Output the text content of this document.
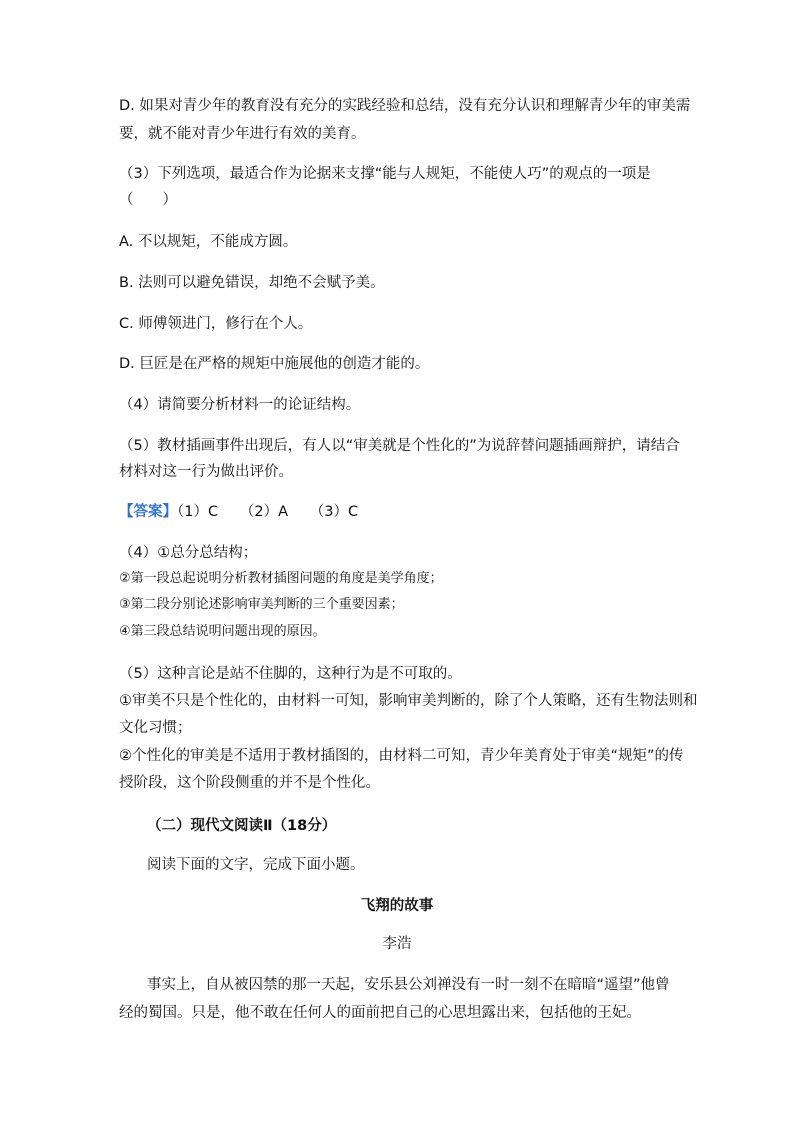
D. 如果对青少年的教育没有充分的实践经验和总结，没有充分认识和理解青少年的审美需
要，就不能对青少年进行有效的美育。
（3）下列选项，最适合作为论据来支撑“能与人规矩，不能使人巧”的观点的一项是
（　　）
A. 不以规矩，不能成方圆。
B. 法则可以避免错误，却绝不会赋予美。
C. 师傅领进门，修行在个人。
D. 巨匠是在严格的规矩中施展他的创造才能的。
（4）请简要分析材料一的论证结构。
（5）教材插画事件出现后，有人以“审美就是个性化的”为说辞替问题插画辩护，请结合
材料对这一行为做出评价。
【答案】（1）C　　（2）A　　（3）C
（4）①总分总结构；
②第一段总起说明分析教材插图问题的角度是美学角度；
③第二段分别论述影响审美判断的三个重要因素；
④第三段总结说明问题出现的原因。
（5）这种言论是站不住脚的，这种行为是不可取的。
①审美不只是个性化的，由材料一可知，影响审美判断的，除了个人策略，还有生物法则和
文化习惯；
②个性化的审美是不适用于教材插图的，由材料二可知，青少年美育处于审美“规矩”的传
授阶段，这个阶段侧重的并不是个性化。
（二）现代文阅读Ⅱ（18分）
阅读下面的文字，完成下面小题。
飞翔的故事
李浩
事实上，自从被囚禁的那一天起，安乐县公刘禅没有一时一刻不在暗暗“遥望”他曾
经的蜀国。只是，他不敢在任何人的面前把自己的心思坦露出来，包括他的王妃。
